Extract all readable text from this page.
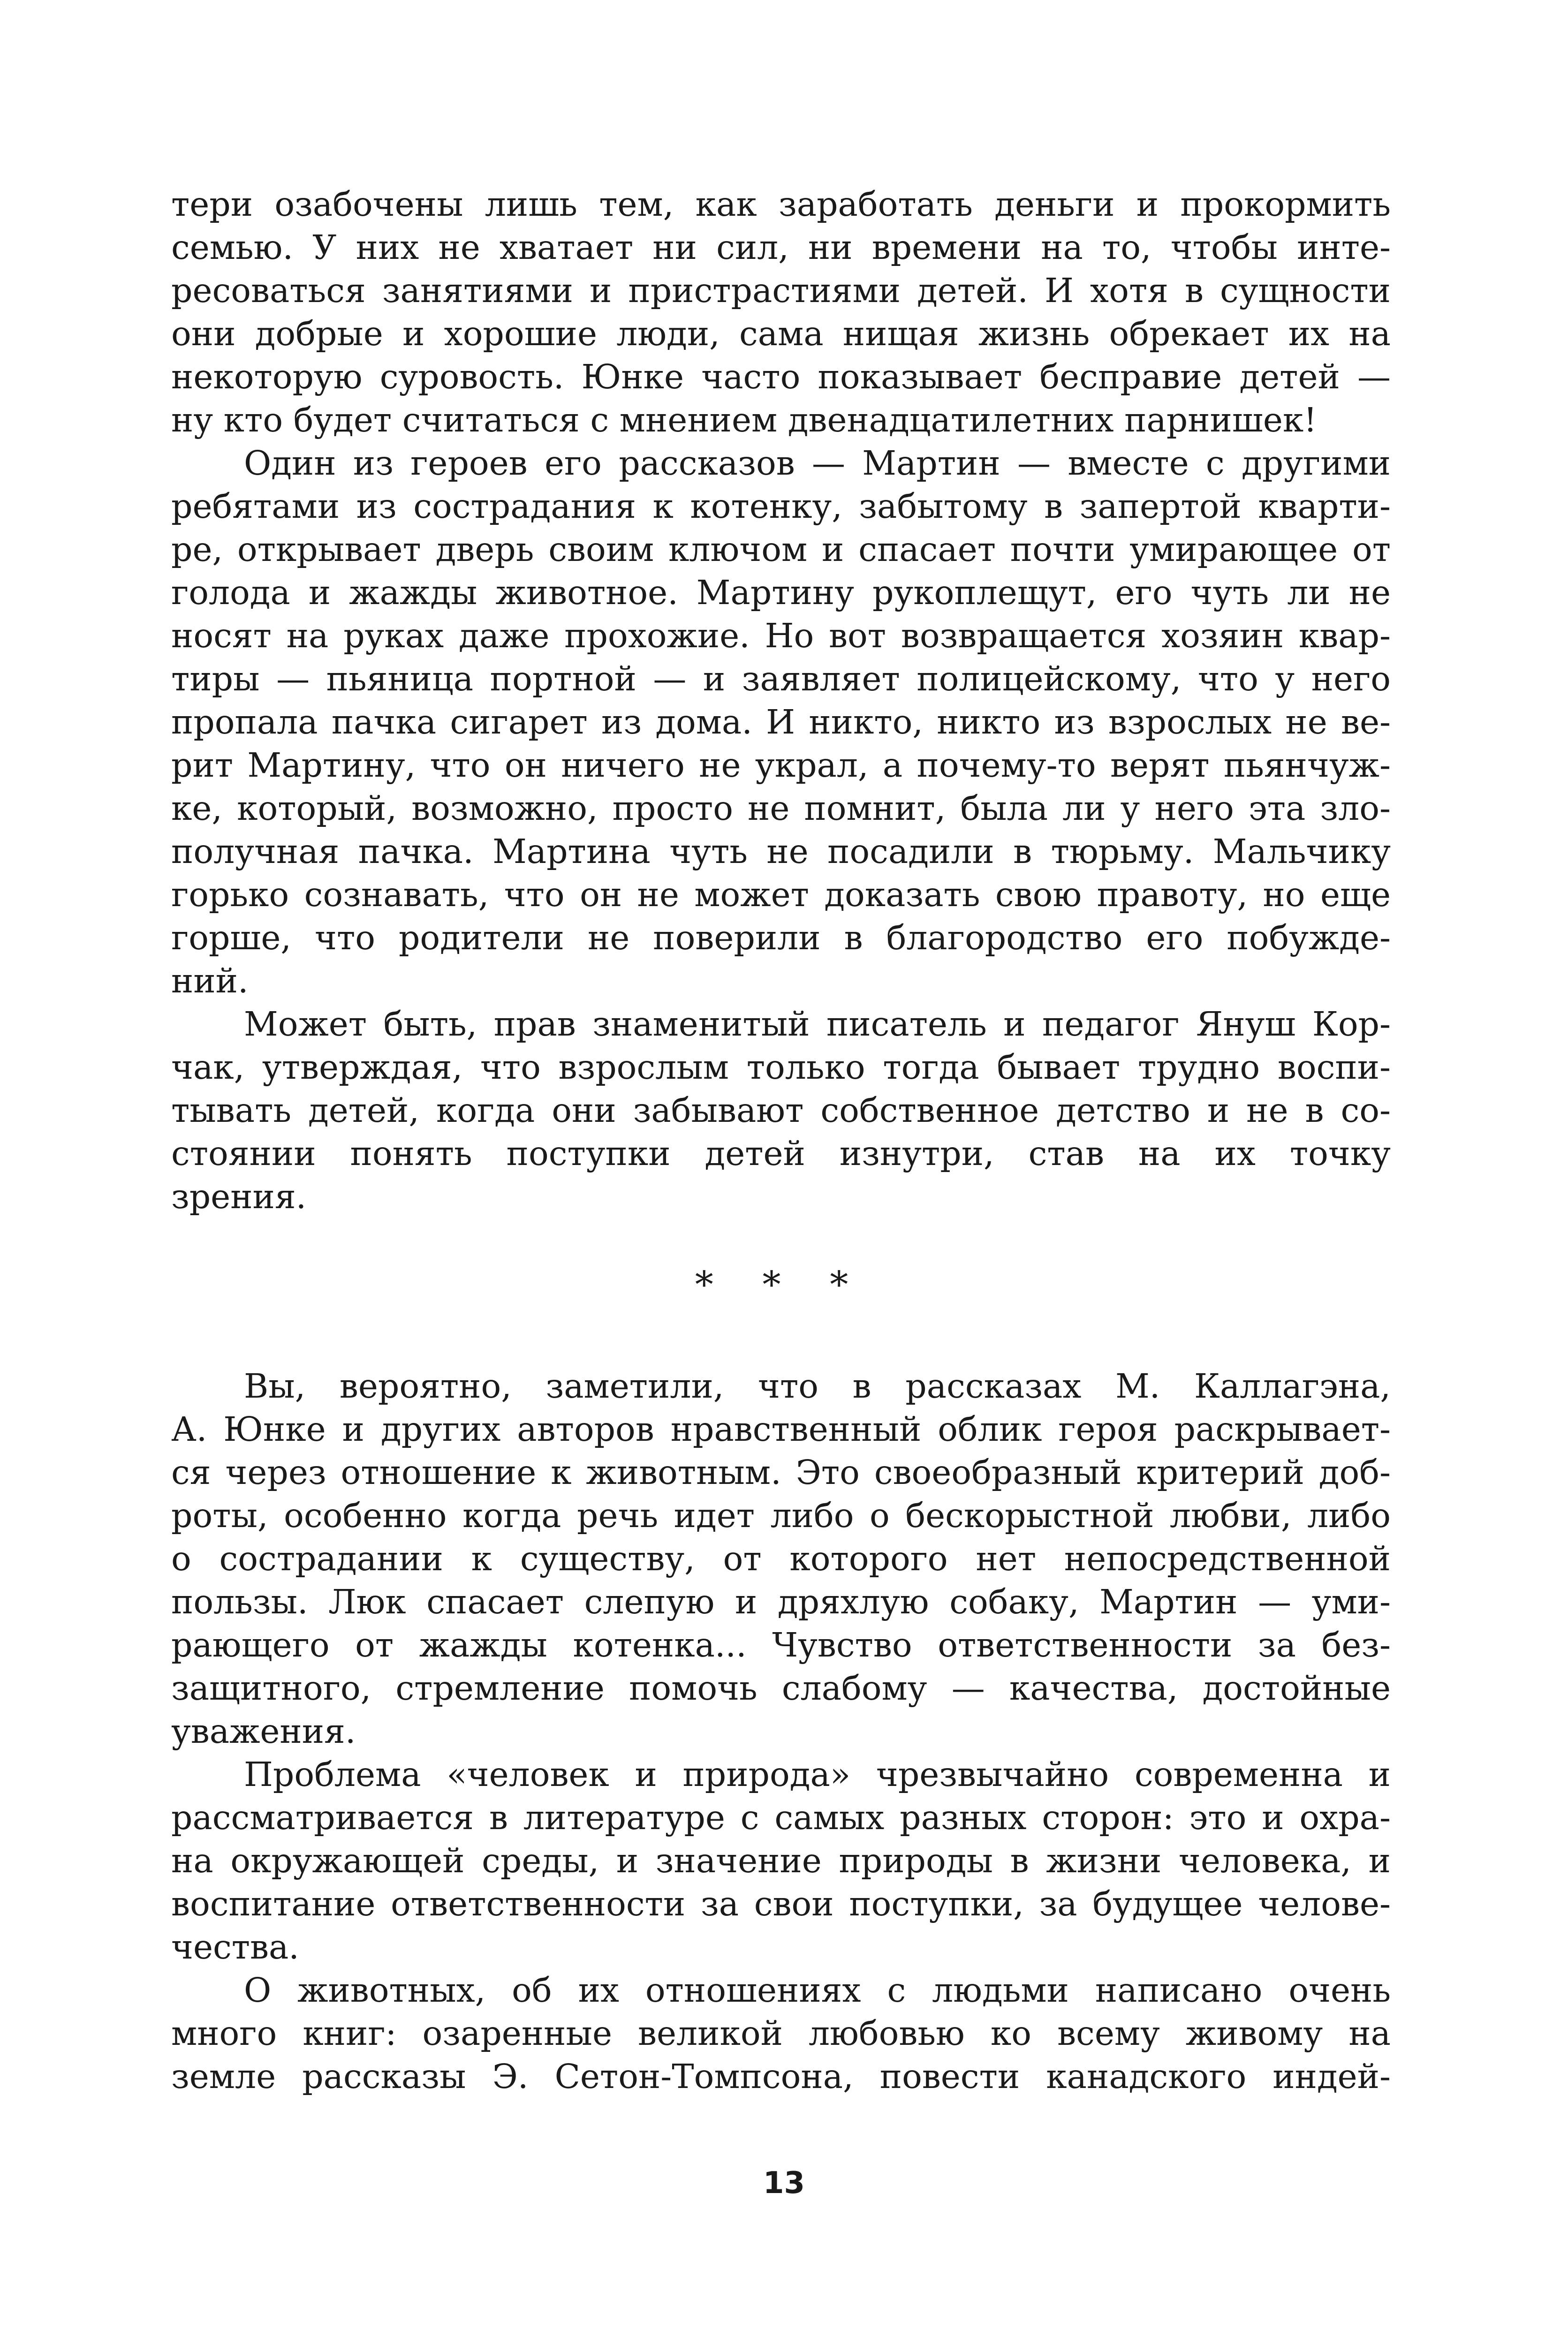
тери озабочены лишь тем, как заработать деньги и прокормить
семью. У них не хватает ни сил, ни времени на то, чтобы инте-
ресоваться занятиями и пристрастиями детей. И хотя в сущности
они добрые и хорошие люди, сама нищая жизнь обрекает их на
некоторую суровость. Юнке часто показывает бесправие детей —
ну кто будет считаться с мнением двенадцатилетних парнишек!
Один из героев его рассказов — Мартин — вместе с другими
ребятами из сострадания к котенку, забытому в запертой кварти-
ре, открывает дверь своим ключом и спасает почти умирающее от
голода и жажды животное. Мартину рукоплещут, его чуть ли не
носят на руках даже прохожие. Но вот возвращается хозяин квар-
тиры — пьяница портной — и заявляет полицейскому, что у него
пропала пачка сигарет из дома. И никто, никто из взрослых не ве-
рит Мартину, что он ничего не украл, а почему-то верят пьянчуж-
ке, который, возможно, просто не помнит, была ли у него эта зло-
получная пачка. Мартина чуть не посадили в тюрьму. Мальчику
горько сознавать, что он не может доказать свою правоту, но еще
горше, что родители не поверили в благородство его побужде-
ний.
Может быть, прав знаменитый писатель и педагог Януш Кор-
чак, утверждая, что взрослым только тогда бывает трудно воспи-
тывать детей, когда они забывают собственное детство и не в со-
стоянии понять поступки детей изнутри, став на их точку
зрения.
* * *
Вы, вероятно, заметили, что в рассказах М. Каллагэна,
А. Юнке и других авторов нравственный облик героя раскрывает-
ся через отношение к животным. Это своеобразный критерий доб-
роты, особенно когда речь идет либо о бескорыстной любви, либо
о сострадании к существу, от которого нет непосредственной
пользы. Люк спасает слепую и дряхлую собаку, Мартин — уми-
рающего от жажды котенка... Чувство ответственности за без-
защитного, стремление помочь слабому — качества, достойные
уважения.
Проблема «человек и природа» чрезвычайно современна и
рассматривается в литературе с самых разных сторон: это и охра-
на окружающей среды, и значение природы в жизни человека, и
воспитание ответственности за свои поступки, за будущее челове-
чества.
О животных, об их отношениях с людьми написано очень
много книг: озаренные великой любовью ко всему живому на
земле рассказы Э. Сетон-Томпсона, повести канадского индей-
13
